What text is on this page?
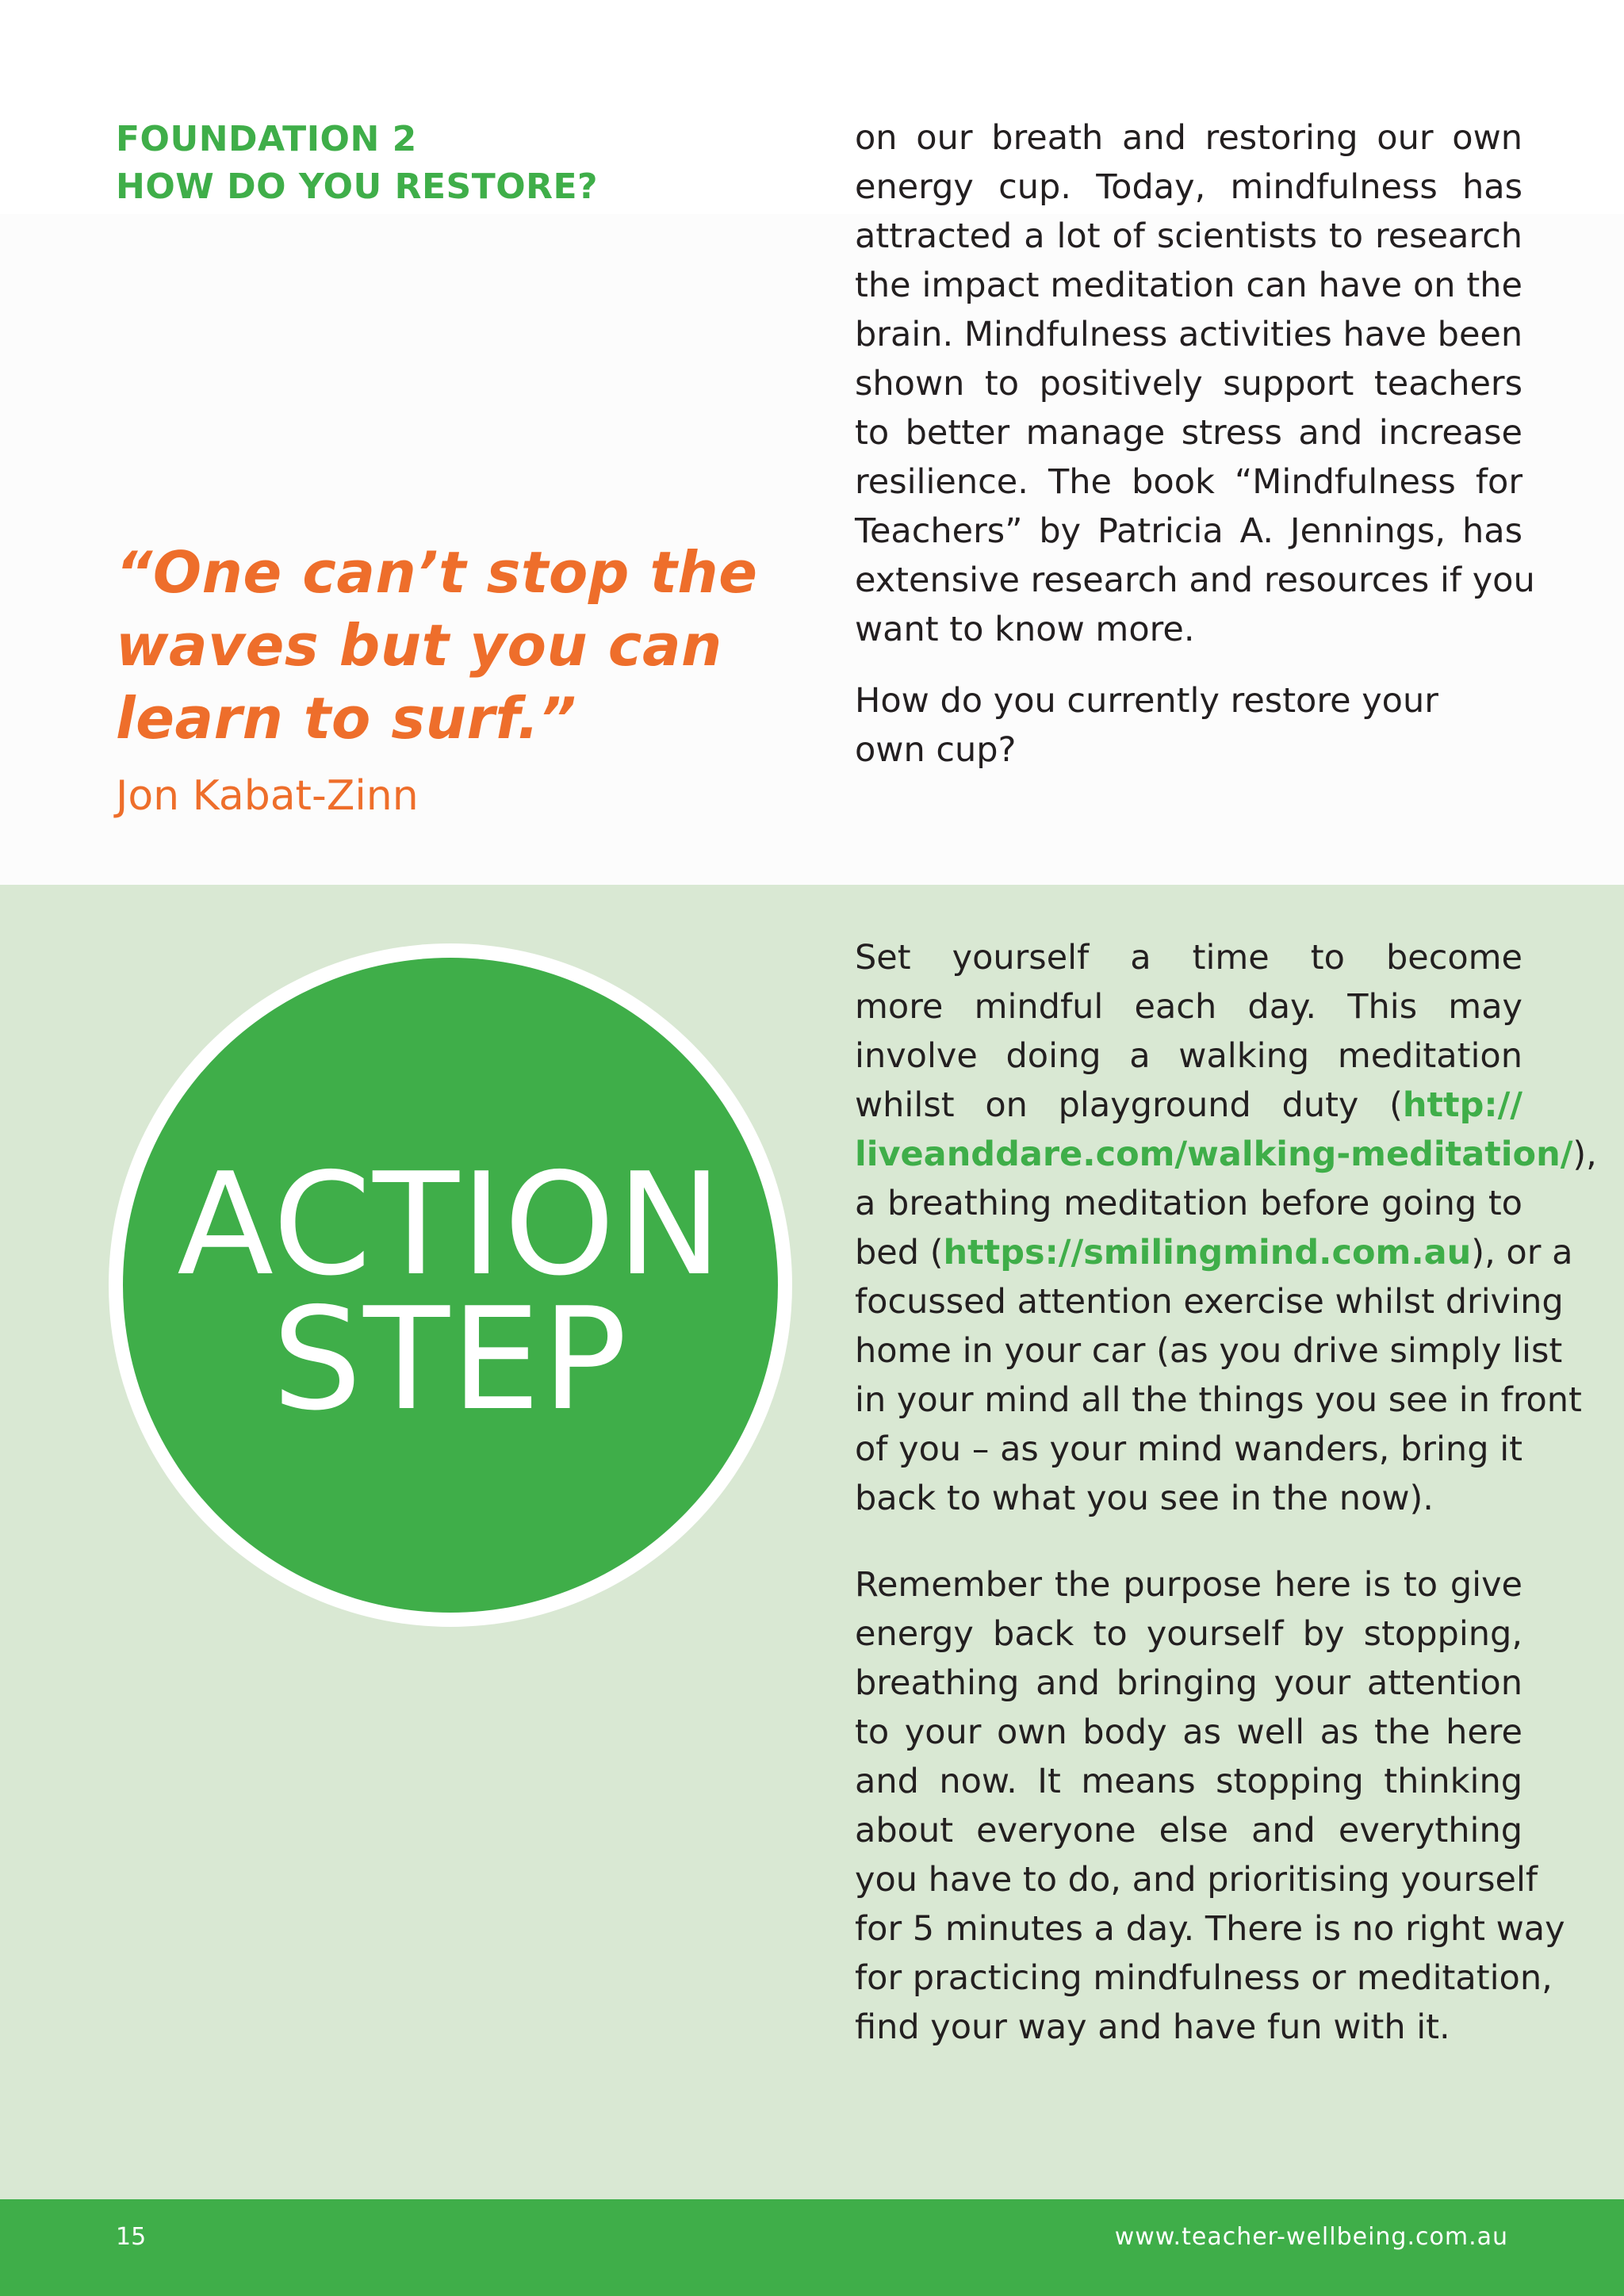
FOUNDATION 2
HOW DO YOU RESTORE?
“One can’t stop the
waves but you can
learn to surf.”
Jon Kabat-Zinn
on our breath and restoring our own
energy cup. Today, mindfulness has
attracted a lot of scientists to research
the impact meditation can have on the
brain. Mindfulness activities have been
shown to positively support teachers
to better manage stress and increase
resilience. The book “Mindfulness for
Teachers” by Patricia A. Jennings, has
extensive research and resources if you
want to know more.
How do you currently restore your
own cup?
ACTION
STEP
Set yourself a time to become
more mindful each day. This may
involve doing a walking meditation
whilst on playground duty (http://
liveanddare.com/walking-meditation/),
a breathing meditation before going to
bed (https://smilingmind.com.au), or a
focussed attention exercise whilst driving
home in your car (as you drive simply list
in your mind all the things you see in front
of you – as your mind wanders, bring it
back to what you see in the now).
Remember the purpose here is to give
energy back to yourself by stopping,
breathing and bringing your attention
to your own body as well as the here
and now. It means stopping thinking
about everyone else and everything
you have to do, and prioritising yourself
for 5 minutes a day. There is no right way
for practicing mindfulness or meditation,
find your way and have fun with it.
15	www.teacher-wellbeing.com.au
